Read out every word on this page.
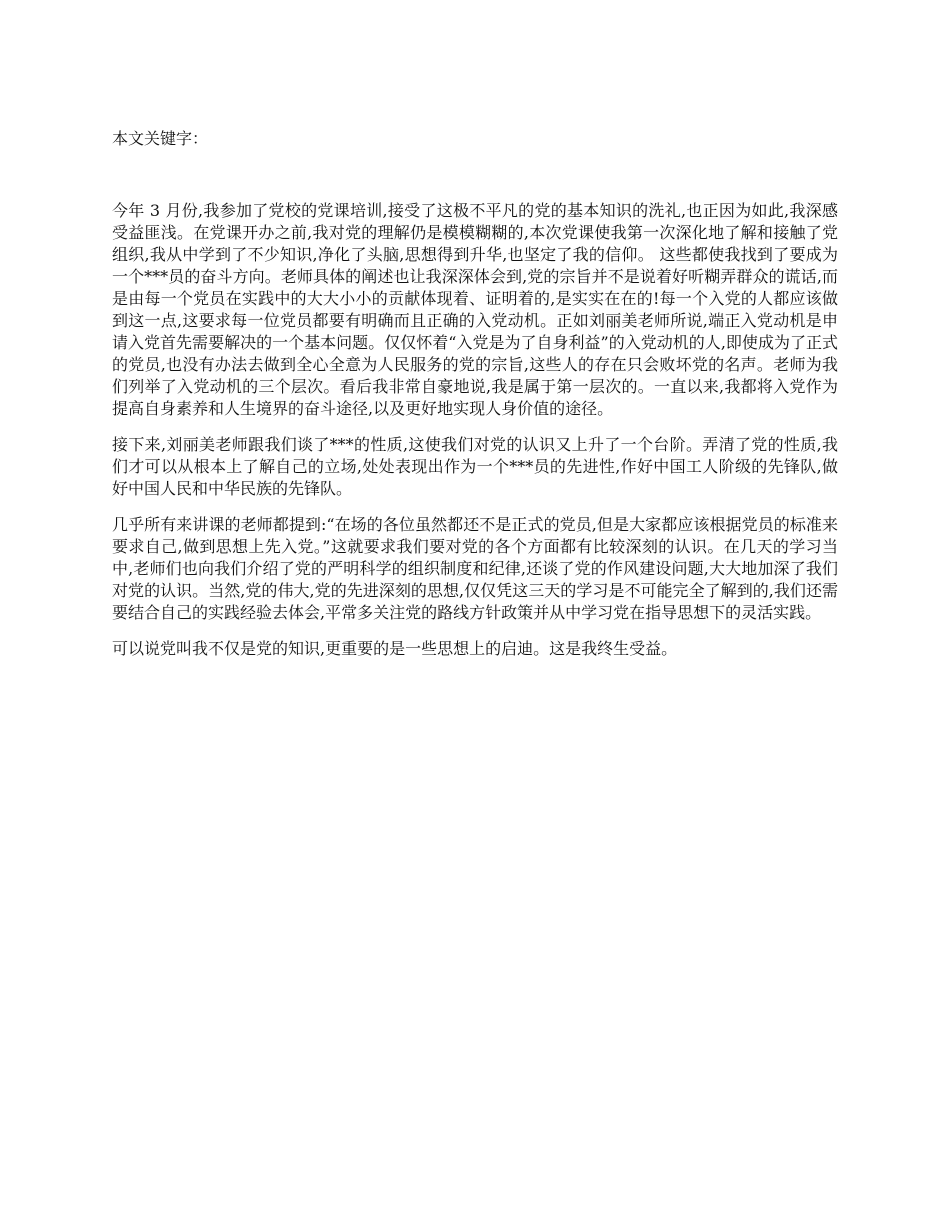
本文关键字：

今年 3 月份,我参加了党校的党课培训,接受了这极不平凡的党的基本知识的洗礼,也正因为如此,我深感受益匪浅。在党课开办之前,我对党的理解仍是模模糊糊的,本次党课使我第一次深化地了解和接触了党组织,我从中学到了不少知识,净化了头脑,思想得到升华,也坚定了我的信仰。 这些都使我找到了要成为一个***员的奋斗方向。老师具体的阐述也让我深深体会到,党的宗旨并不是说着好听糊弄群众的谎话,而是由每一个党员在实践中的大大小小的贡献体现着、证明着的,是实实在在的!每一个入党的人都应该做到这一点,这要求每一位党员都要有明确而且正确的入党动机。正如刘丽美老师所说,端正入党动机是申请入党首先需要解决的一个基本问题。仅仅怀着“入党是为了自身利益”的入党动机的人,即使成为了正式的党员,也没有办法去做到全心全意为人民服务的党的宗旨,这些人的存在只会败坏党的名声。老师为我们列举了入党动机的三个层次。看后我非常自豪地说,我是属于第一层次的。一直以来,我都将入党作为提高自身素养和人生境界的奋斗途径,以及更好地实现人身价值的途径。

接下来,刘丽美老师跟我们谈了***的性质,这使我们对党的认识又上升了一个台阶。弄清了党的性质,我们才可以从根本上了解自己的立场,处处表现出作为一个***员的先进性,作好中国工人阶级的先锋队,做好中国人民和中华民族的先锋队。

几乎所有来讲课的老师都提到:“在场的各位虽然都还不是正式的党员,但是大家都应该根据党员的标准来要求自己,做到思想上先入党。”这就要求我们要对党的各个方面都有比较深刻的认识。在几天的学习当中,老师们也向我们介绍了党的严明科学的组织制度和纪律,还谈了党的作风建设问题,大大地加深了我们对党的认识。当然,党的伟大,党的先进深刻的思想,仅仅凭这三天的学习是不可能完全了解到的,我们还需要结合自己的实践经验去体会,平常多关注党的路线方针政策并从中学习党在指导思想下的灵活实践。

可以说党叫我不仅是党的知识,更重要的是一些思想上的启迪。这是我终生受益。
